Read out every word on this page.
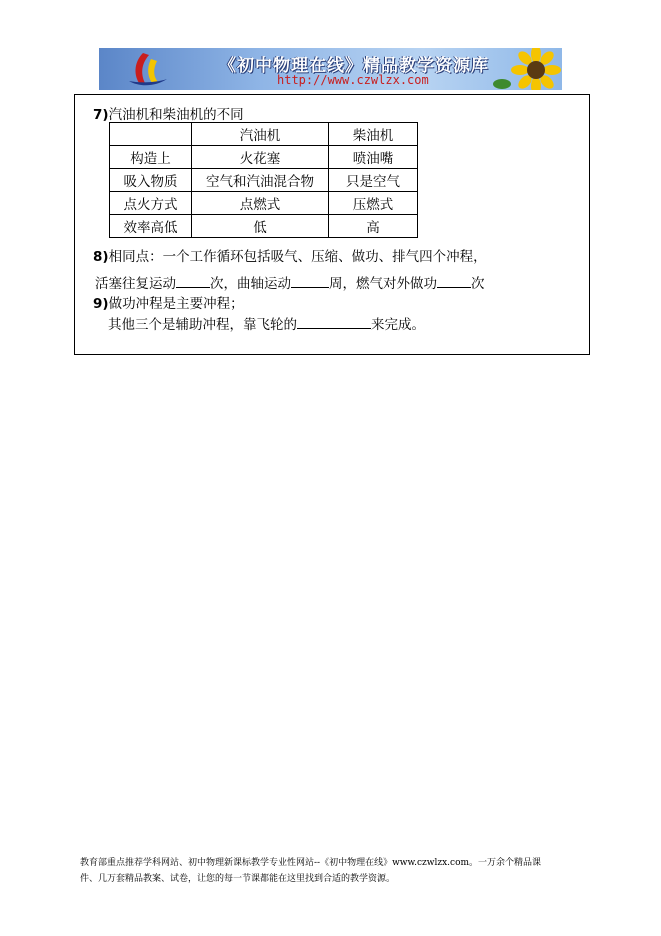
《初中物理在线》精品教学资源库
http://www.czwlzx.com
7)汽油机和柴油机的不同
	汽油机	柴油机
构造上	火花塞	喷油嘴
吸入物质	空气和汽油混合物	只是空气
点火方式	点燃式	压燃式
效率高低	低	高
8)相同点：一个工作循环包括吸气、压缩、做功、排气四个冲程，
活塞往复运动	次，曲轴运动	周，燃气对外做功	次
9)做功冲程是主要冲程；
其他三个是辅助冲程，靠飞轮的	来完成。
教育部重点推荐学科网站、初中物理新课标教学专业性网站--《初中物理在线》www.czwlzx.com。一万余个精品课
件、几万套精品教案、试卷，让您的每一节课都能在这里找到合适的教学资源。
